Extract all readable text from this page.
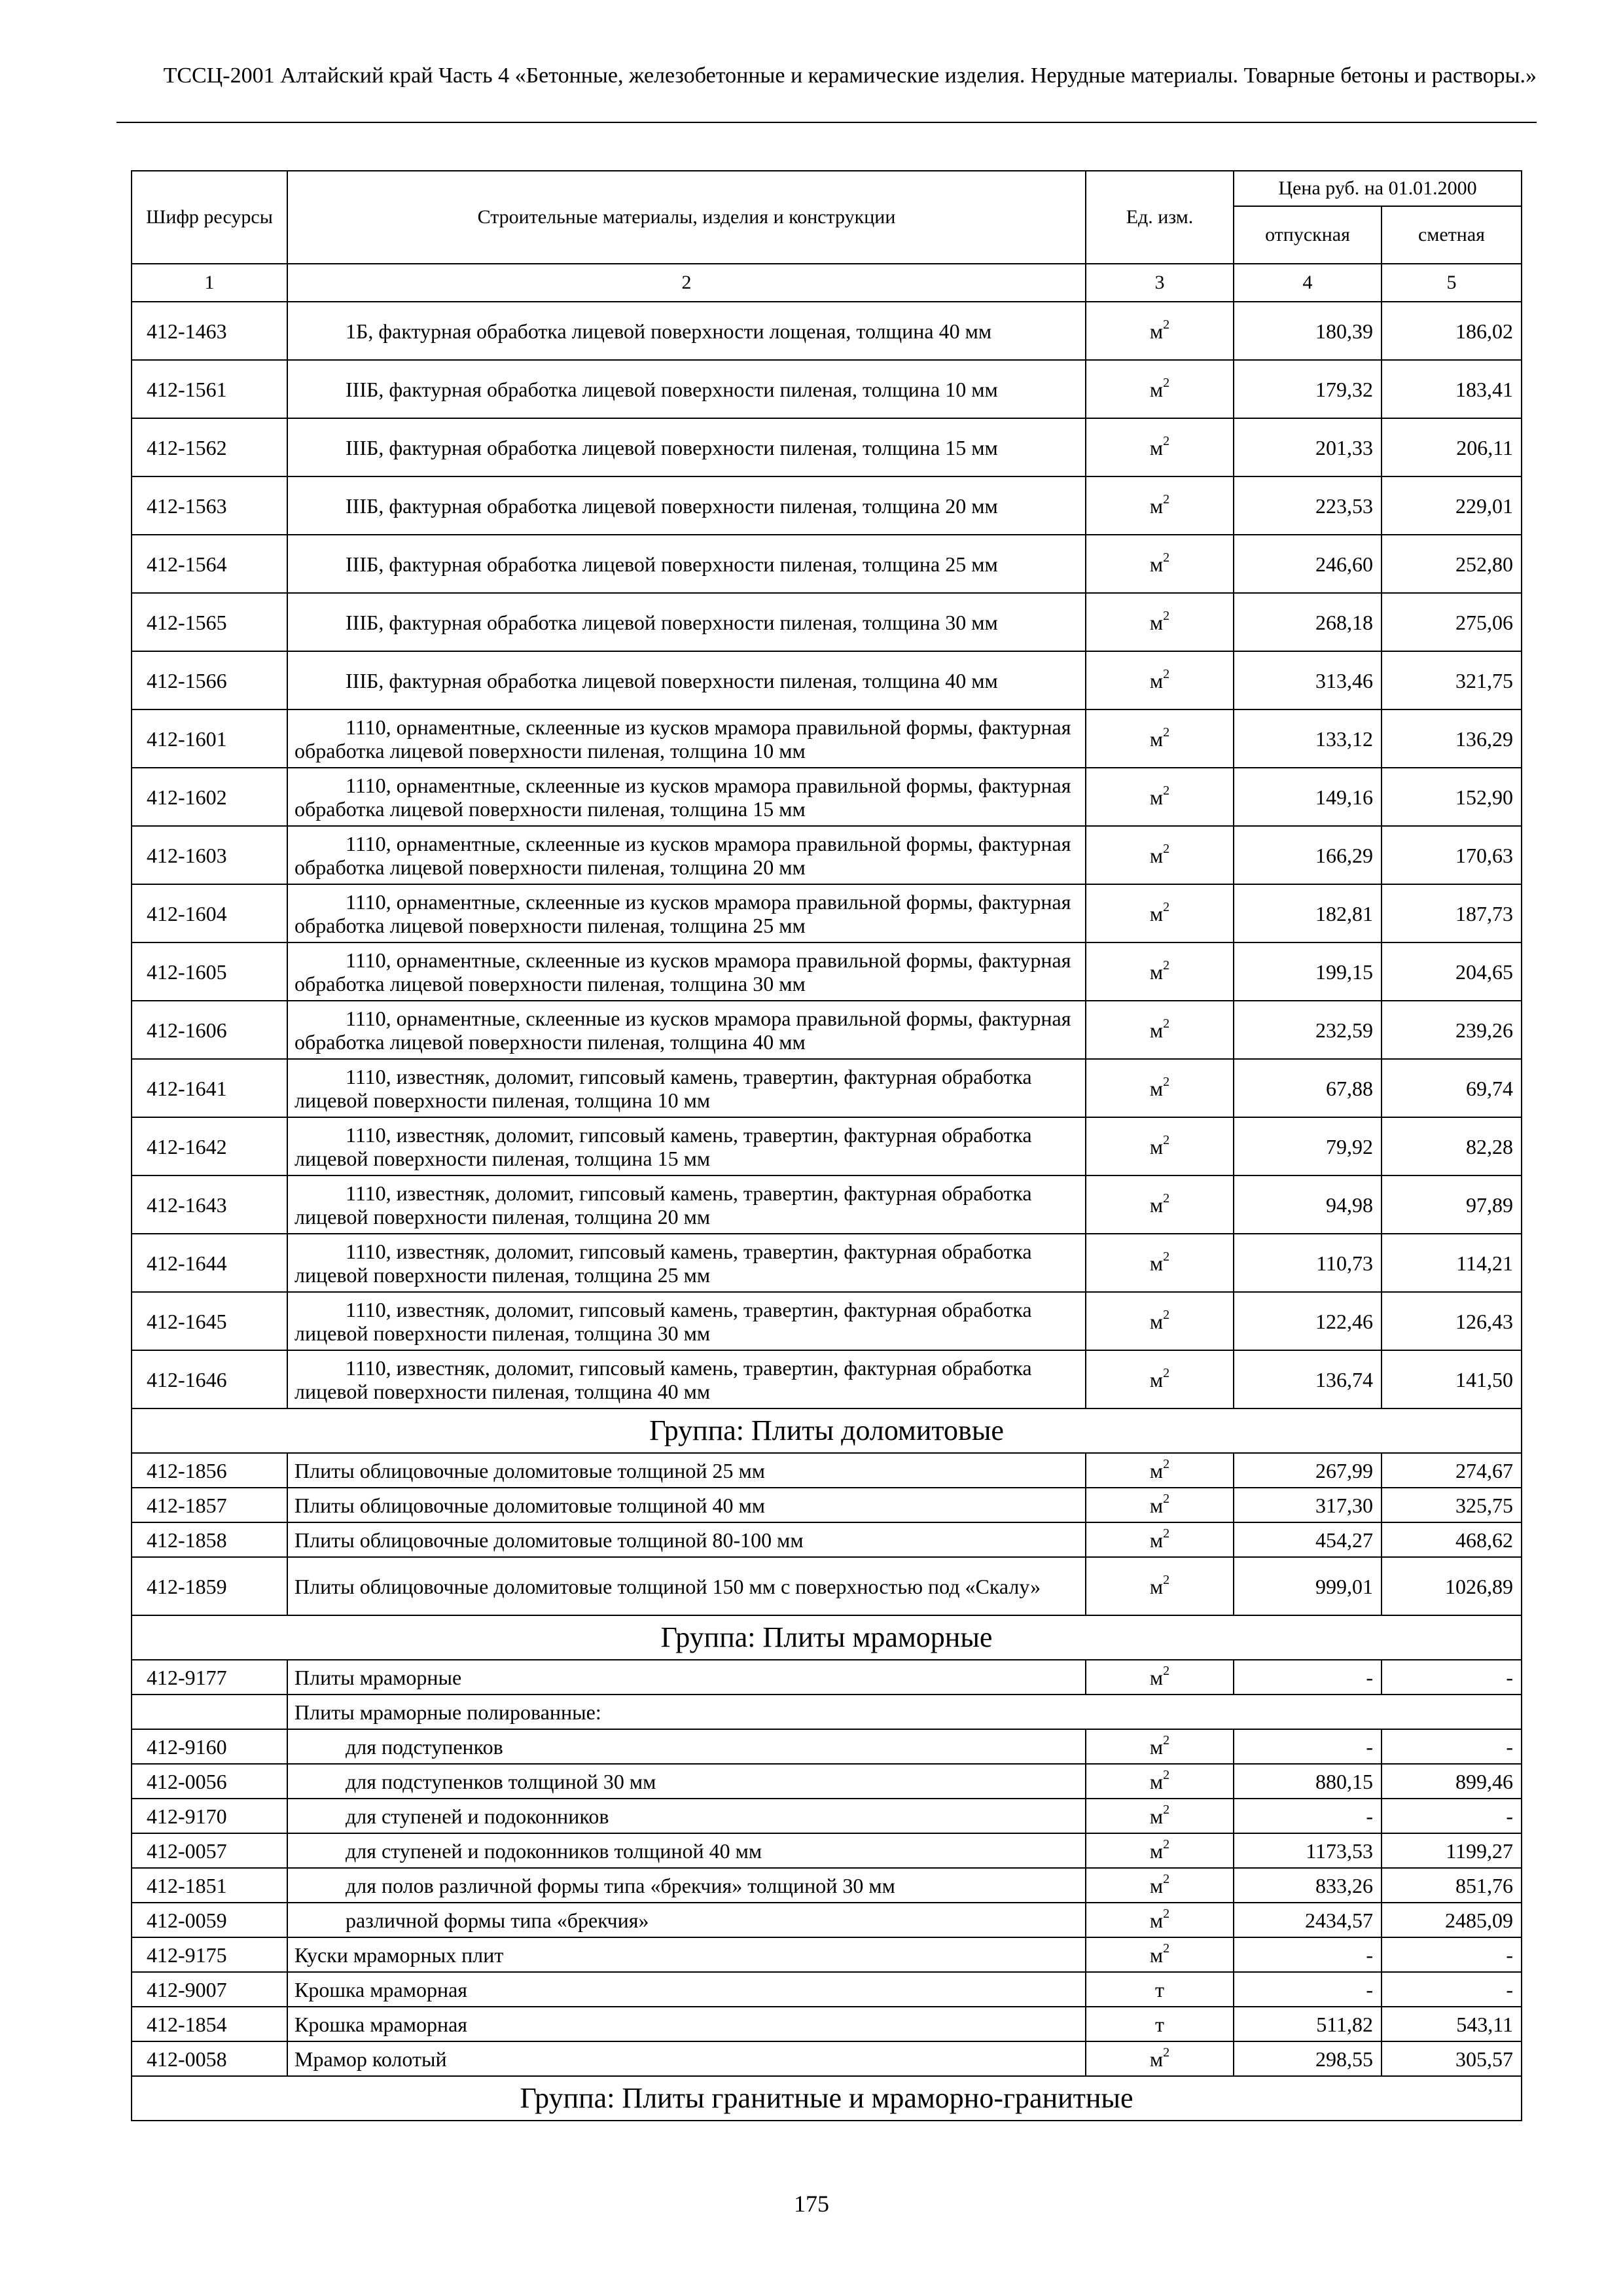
ТССЦ-2001 Алтайский край Часть 4 «Бетонные, железобетонные и керамические изделия. Нерудные материалы. Товарные бетоны и растворы.»
Шифр ресурсы	Строительные материалы, изделия и конструкции	Ед. изм.	Цена руб. на 01.01.2000	
			отпускная	сметная
1	2	3	4	5
412-1463	1Б, фактурная обработка лицевой поверхности лощеная, толщина 40 мм	$м^2$	180,39	186,02
412-1561	IIIБ, фактурная обработка лицевой поверхности пиленая, толщина 10 мм	$м^2$	179,32	183,41
412-1562	IIIБ, фактурная обработка лицевой поверхности пиленая, толщина 15 мм	$м^2$	201,33	206,11
412-1563	IIIБ, фактурная обработка лицевой поверхности пиленая, толщина 20 мм	$м^2$	223,53	229,01
412-1564	IIIБ, фактурная обработка лицевой поверхности пиленая, толщина 25 мм	$м^2$	246,60	252,80
412-1565	IIIБ, фактурная обработка лицевой поверхности пиленая, толщина 30 мм	$м^2$	268,18	275,06
412-1566	IIIБ, фактурная обработка лицевой поверхности пиленая, толщина 40 мм	$м^2$	313,46	321,75
412-1601	1110, орнаментные, склеенные из кусков мрамора правильной формы, фактурная обработка лицевой поверхности пиленая, толщина 10 мм	$м^2$	133,12	136,29
412-1602	1110, орнаментные, склеенные из кусков мрамора правильной формы, фактурная обработка лицевой поверхности пиленая, толщина 15 мм	$м^2$	149,16	152,90
412-1603	1110, орнаментные, склеенные из кусков мрамора правильной формы, фактурная обработка лицевой поверхности пиленая, толщина 20 мм	$м^2$	166,29	170,63
412-1604	1110, орнаментные, склеенные из кусков мрамора правильной формы, фактурная обработка лицевой поверхности пиленая, толщина 25 мм	$м^2$	182,81	187,73
412-1605	1110, орнаментные, склеенные из кусков мрамора правильной формы, фактурная обработка лицевой поверхности пиленая, толщина 30 мм	$м^2$	199,15	204,65
412-1606	1110, орнаментные, склеенные из кусков мрамора правильной формы, фактурная обработка лицевой поверхности пиленая, толщина 40 мм	$м^2$	232,59	239,26
412-1641	1110, известняк, доломит, гипсовый камень, травертин, фактурная обработка лицевой поверхности пиленая, толщина 10 мм	$м^2$	67,88	69,74
412-1642	1110, известняк, доломит, гипсовый камень, травертин, фактурная обработка лицевой поверхности пиленая, толщина 15 мм	$м^2$	79,92	82,28
412-1643	1110, известняк, доломит, гипсовый камень, травертин, фактурная обработка лицевой поверхности пиленая, толщина 20 мм	$м^2$	94,98	97,89
412-1644	1110, известняк, доломит, гипсовый камень, травертин, фактурная обработка лицевой поверхности пиленая, толщина 25 мм	$м^2$	110,73	114,21
412-1645	1110, известняк, доломит, гипсовый камень, травертин, фактурная обработка лицевой поверхности пиленая, толщина 30 мм	$м^2$	122,46	126,43
412-1646	1110, известняк, доломит, гипсовый камень, травертин, фактурная обработка лицевой поверхности пиленая, толщина 40 мм	$м^2$	136,74	141,50
Группа: Плиты доломитовые				
412-1856	Плиты облицовочные доломитовые толщиной 25 мм	$м^2$	267,99	274,67
412-1857	Плиты облицовочные доломитовые толщиной 40 мм	$м^2$	317,30	325,75
412-1858	Плиты облицовочные доломитовые толщиной 80-100 мм	$м^2$	454,27	468,62
412-1859	Плиты облицовочные доломитовые толщиной 150 мм с поверхностью под «Скалу»	$м^2$	999,01	1026,89
Группа: Плиты мраморные				
412-9177	Плиты мраморные	$м^2$	-	-
	Плиты мраморные полированные:			
412-9160	для подступенков	$м^2$	-	-
412-0056	для подступенков толщиной 30 мм	$м^2$	880,15	899,46
412-9170	для ступеней и подоконников	$м^2$	-	-
412-0057	для ступеней и подоконников толщиной 40 мм	$м^2$	1173,53	1199,27
412-1851	для полов различной формы типа «брекчия» толщиной 30 мм	$м^2$	833,26	851,76
412-0059	различной формы типа «брекчия»	$м^2$	2434,57	2485,09
412-9175	Куски мраморных плит	$м^2$	-	-
412-9007	Крошка мраморная	т	-	-
412-1854	Крошка мраморная	т	511,82	543,11
412-0058	Мрамор колотый	$м^2$	298,55	305,57
Группа: Плиты гранитные и мраморно-гранитные				
175
